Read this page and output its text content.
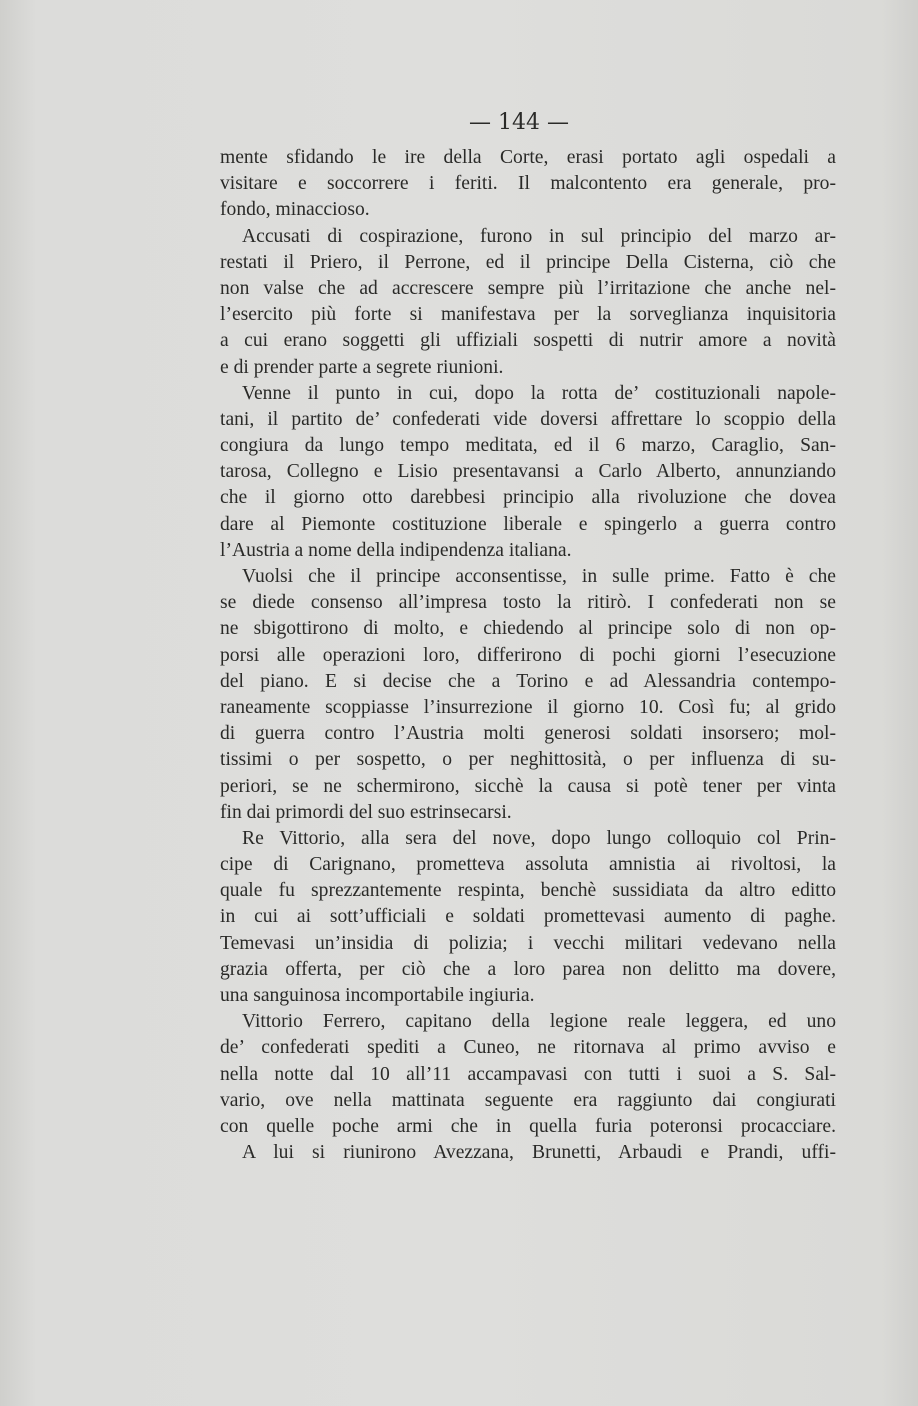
— 144 —
mente sfidando le ire della Corte, erasi portato agli ospedali a
visitare e soccorrere i feriti. Il malcontento era generale, pro-
fondo, minaccioso.
Accusati di cospirazione, furono in sul principio del marzo ar-
restati il Priero, il Perrone, ed il principe Della Cisterna, ciò che
non valse che ad accrescere sempre più l’irritazione che anche nel-
l’esercito più forte si manifestava per la sorveglianza inquisitoria
a cui erano soggetti gli uffiziali sospetti di nutrir amore a novità
e di prender parte a segrete riunioni.
Venne il punto in cui, dopo la rotta de’ costituzionali napole-
tani, il partito de’ confederati vide doversi affrettare lo scoppio della
congiura da lungo tempo meditata, ed il 6 marzo, Caraglio, San-
tarosa, Collegno e Lisio presentavansi a Carlo Alberto, annunziando
che il giorno otto darebbesi principio alla rivoluzione che dovea
dare al Piemonte costituzione liberale e spingerlo a guerra contro
l’Austria a nome della indipendenza italiana.
Vuolsi che il principe acconsentisse, in sulle prime. Fatto è che
se diede consenso all’impresa tosto la ritirò. I confederati non se
ne sbigottirono di molto, e chiedendo al principe solo di non op-
porsi alle operazioni loro, differirono di pochi giorni l’esecuzione
del piano. E si decise che a Torino e ad Alessandria contempo-
raneamente scoppiasse l’insurrezione il giorno 10. Così fu; al grido
di guerra contro l’Austria molti generosi soldati insorsero; mol-
tissimi o per sospetto, o per neghittosità, o per influenza di su-
periori, se ne schermirono, sicchè la causa si potè tener per vinta
fin dai primordi del suo estrinsecarsi.
Re Vittorio, alla sera del nove, dopo lungo colloquio col Prin-
cipe di Carignano, prometteva assoluta amnistia ai rivoltosi, la
quale fu sprezzantemente respinta, benchè sussidiata da altro editto
in cui ai sott’ufficiali e soldati promettevasi aumento di paghe.
Temevasi un’insidia di polizia; i vecchi militari vedevano nella
grazia offerta, per ciò che a loro parea non delitto ma dovere,
una sanguinosa incomportabile ingiuria.
Vittorio Ferrero, capitano della legione reale leggera, ed uno
de’ confederati spediti a Cuneo, ne ritornava al primo avviso e
nella notte dal 10 all’11 accampavasi con tutti i suoi a S. Sal-
vario, ove nella mattinata seguente era raggiunto dai congiurati
con quelle poche armi che in quella furia poteronsi procacciare.
A lui si riunirono Avezzana, Brunetti, Arbaudi e Prandi, uffi-
